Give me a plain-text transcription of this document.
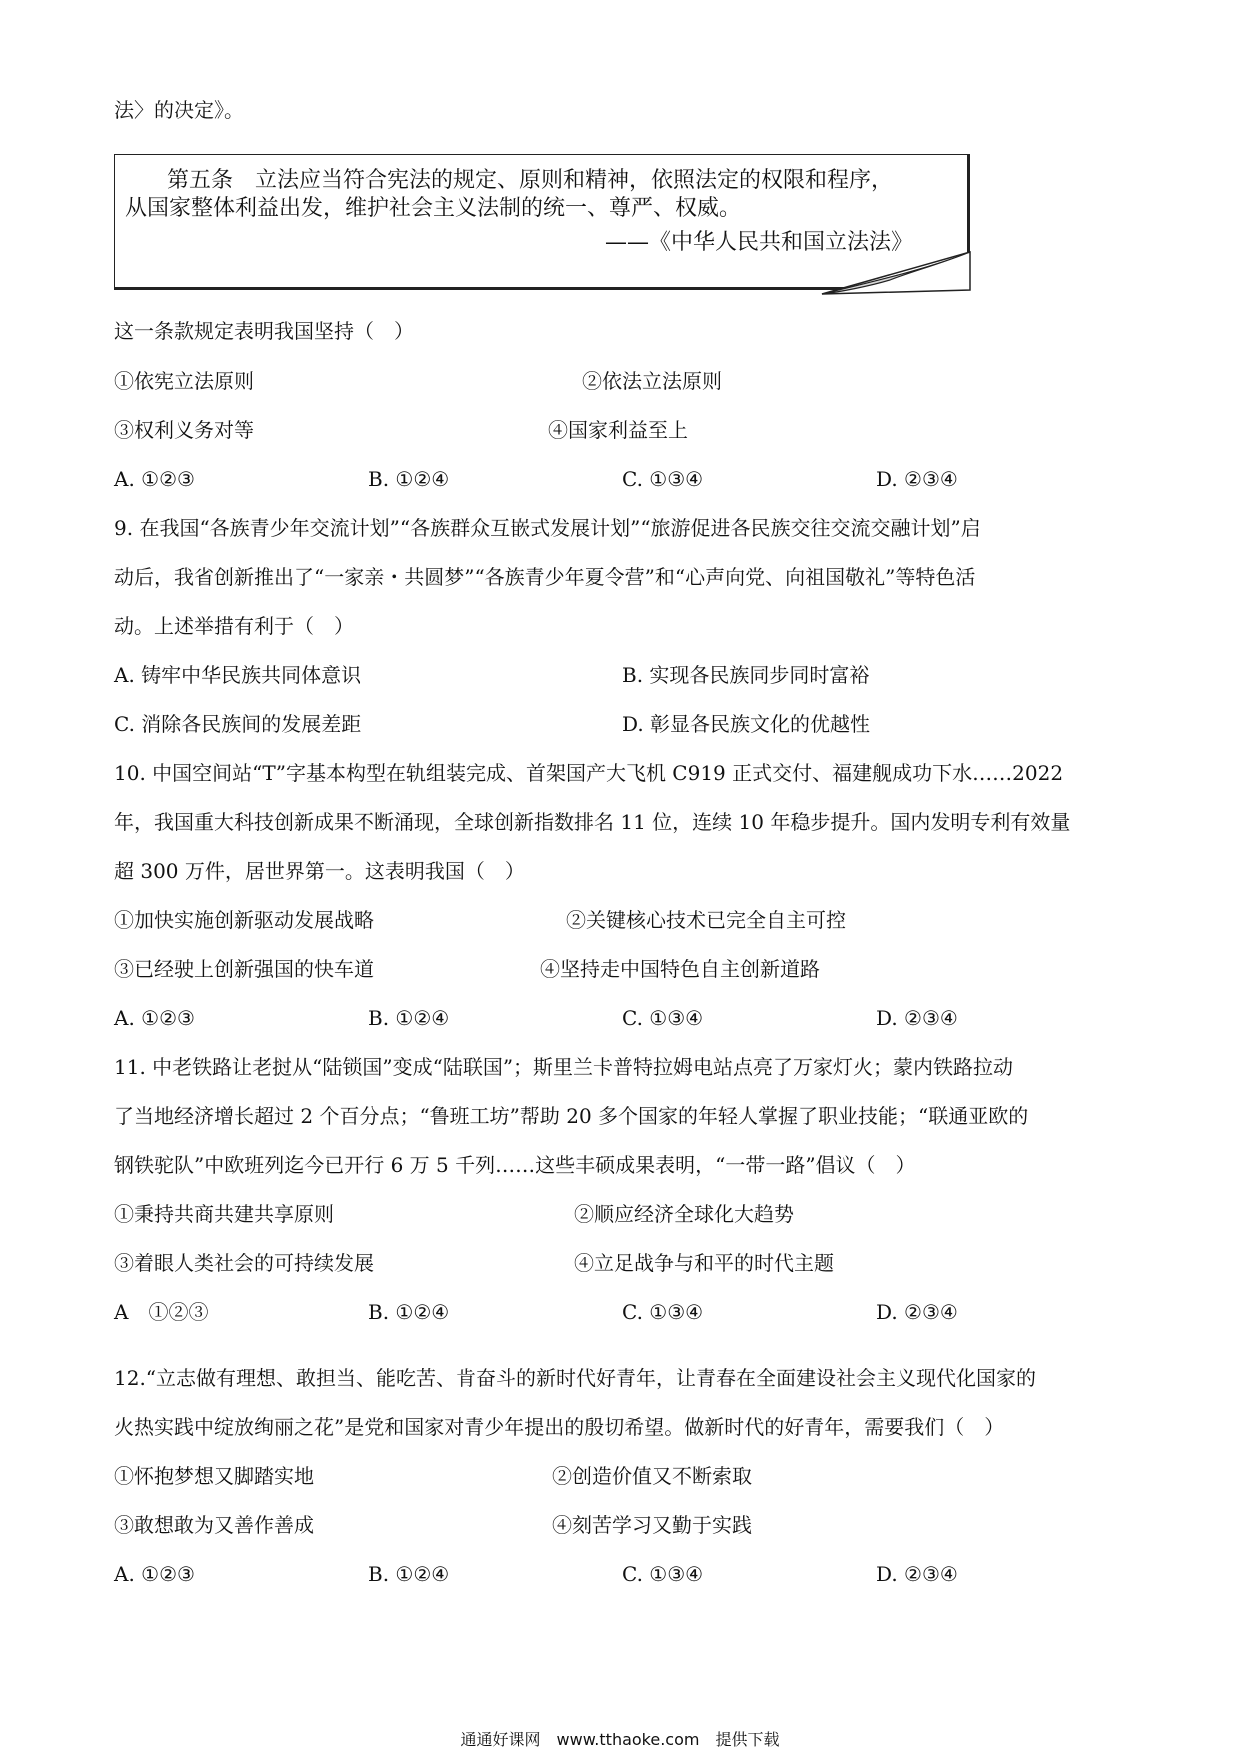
法〉的决定》。
第五条　立法应当符合宪法的规定、原则和精神，依照法定的权限和程序，
从国家整体利益出发，维护社会主义法制的统一、尊严、权威。
——《中华人民共和国立法法》
这一条款规定表明我国坚持（　）
①依宪立法原则	②依法立法原则
③权利义务对等	④国家利益至上
A. ①②③	B. ①②④	C. ①③④	D. ②③④
9. 在我国“各族青少年交流计划”“各族群众互嵌式发展计划”“旅游促进各民族交往交流交融计划”启
动后，我省创新推出了“一家亲・共圆梦”“各族青少年夏令营”和“心声向党、向祖国敬礼”等特色活
动。上述举措有利于（　）
A. 铸牢中华民族共同体意识	B. 实现各民族同步同时富裕
C. 消除各民族间的发展差距	D. 彰显各民族文化的优越性
10. 中国空间站“T”字基本构型在轨组装完成、首架国产大飞机 C919 正式交付、福建舰成功下水……2022
年，我国重大科技创新成果不断涌现，全球创新指数排名 11 位，连续 10 年稳步提升。国内发明专利有效量
超 300 万件，居世界第一。这表明我国（　）
①加快实施创新驱动发展战略	②关键核心技术已完全自主可控
③已经驶上创新强国的快车道	④坚持走中国特色自主创新道路
A. ①②③	B. ①②④	C. ①③④	D. ②③④
11. 中老铁路让老挝从“陆锁国”变成“陆联国”；斯里兰卡普特拉姆电站点亮了万家灯火；蒙内铁路拉动
了当地经济增长超过 2 个百分点；“鲁班工坊”帮助 20 多个国家的年轻人掌握了职业技能；“联通亚欧的
钢铁驼队”中欧班列迄今已开行 6 万 5 千列……这些丰硕成果表明，“一带一路”倡议（　）
①秉持共商共建共享原则	②顺应经济全球化大趋势
③着眼人类社会的可持续发展	④立足战争与和平的时代主题
A　①②③	B. ①②④	C. ①③④	D. ②③④
12.“立志做有理想、敢担当、能吃苦、肯奋斗的新时代好青年，让青春在全面建设社会主义现代化国家的
火热实践中绽放绚丽之花”是党和国家对青少年提出的殷切希望。做新时代的好青年，需要我们（　）
①怀抱梦想又脚踏实地	②创造价值又不断索取
③敢想敢为又善作善成	④刻苦学习又勤于实践
A. ①②③	B. ①②④	C. ①③④	D. ②③④
通通好课网　www.tthaoke.com　提供下载
